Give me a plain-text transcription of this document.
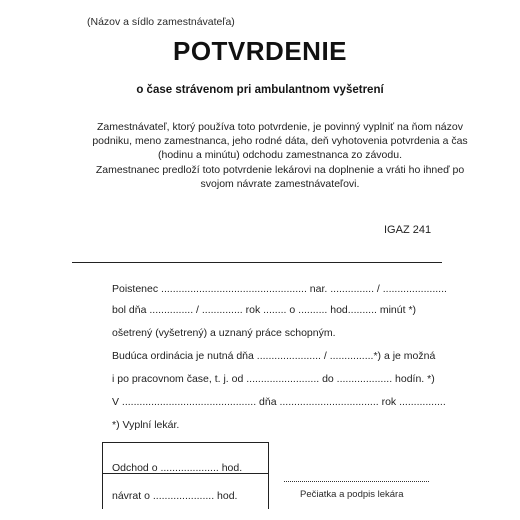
(Názov a sídlo zamestnávateľa)
POTVRDENIE
o čase strávenom pri ambulantnom vyšetrení
Zamestnávateľ, ktorý používa toto potvrdenie, je povinný vyplniť na ňom názov
podniku, meno zamestnanca, jeho rodné dáta, deň vyhotovenia potvrdenia a čas
(hodinu a minútu) odchodu zamestnanca zo závodu.
Zamestnanec predloží toto potvrdenie lekárovi na doplnenie a vráti ho ihneď po
svojom návrate zamestnávateľovi.
IGAZ 241
Poistenec .................................................. nar. ............... / ......................
bol dňa ............... / .............. rok ........ o .......... hod.......... minút *)
ošetrený (vyšetrený) a uznaný práce schopným.
Budúca ordinácia je nutná dňa ...................... / ...............*) a je možná
i po pracovnom čase, t. j. od ......................... do ................... hodín. *)
V .............................................. dňa .................................. rok ................
*) Vyplní lekár.
Odchod o .................... hod.
návrat o ..................... hod.	Pečiatka a podpis lekára
